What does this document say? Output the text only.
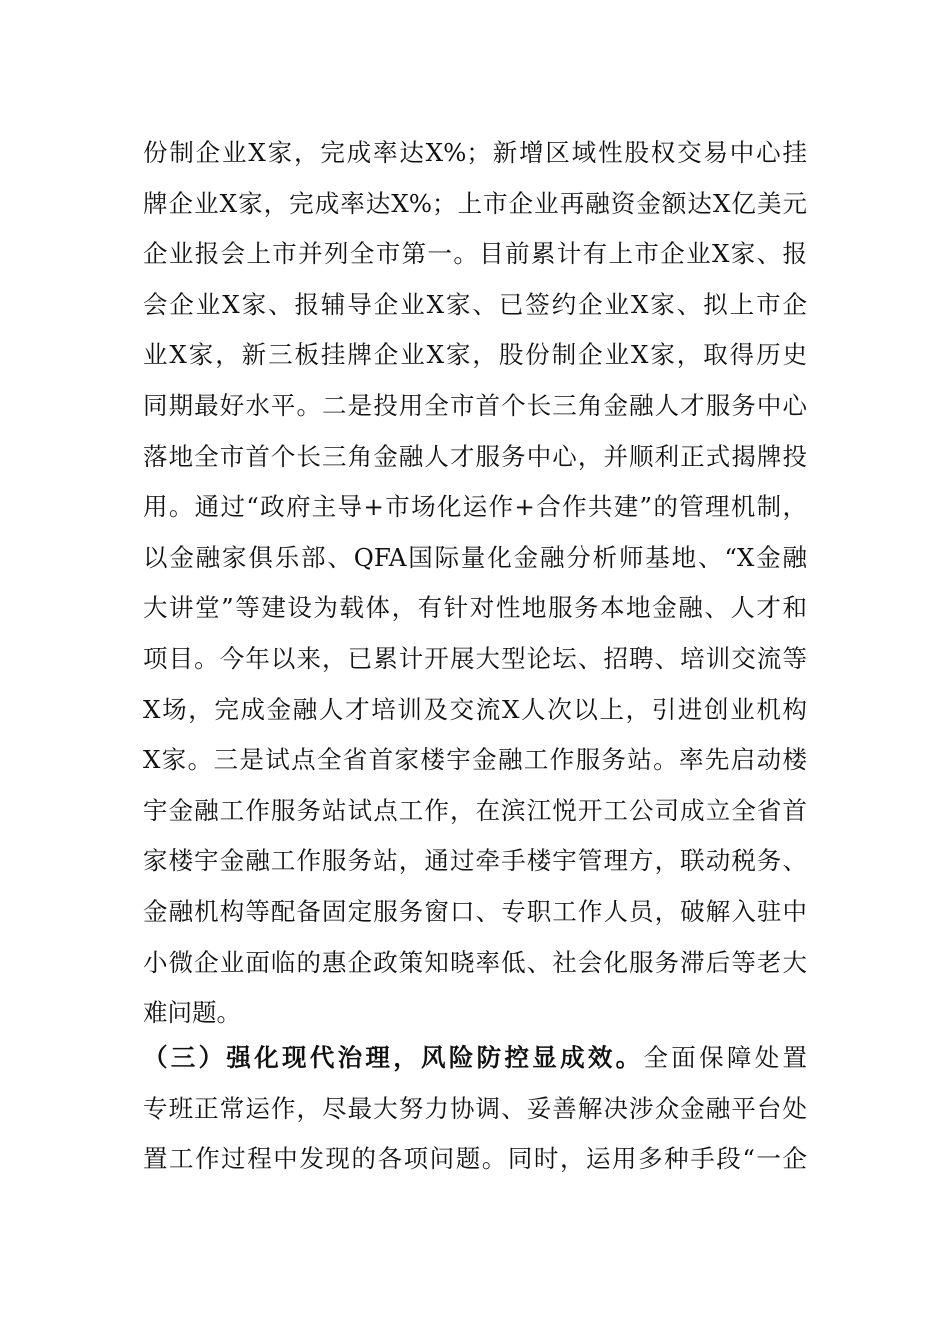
份制企业X家，完成率达X%；新增区域性股权交易中心挂
牌企业X家，完成率达X%；上市企业再融资金额达X亿美元
企业报会上市并列全市第一。目前累计有上市企业X家、报
会企业X家、报辅导企业X家、已签约企业X家、拟上市企
业X家，新三板挂牌企业X家，股份制企业X家，取得历史
同期最好水平。二是投用全市首个长三角金融人才服务中心
落地全市首个长三角金融人才服务中心，并顺利正式揭牌投
用。通过“政府主导+市场化运作+合作共建”的管理机制，
以金融家俱乐部、QFA国际量化金融分析师基地、“X金融
大讲堂”等建设为载体，有针对性地服务本地金融、人才和
项目。今年以来，已累计开展大型论坛、招聘、培训交流等
X场，完成金融人才培训及交流X人次以上，引进创业机构
X家。三是试点全省首家楼宇金融工作服务站。率先启动楼
宇金融工作服务站试点工作，在滨江悦开工公司成立全省首
家楼宇金融工作服务站，通过牵手楼宇管理方，联动税务、
金融机构等配备固定服务窗口、专职工作人员，破解入驻中
小微企业面临的惠企政策知晓率低、社会化服务滞后等老大
难问题。
（三）强化现代治理，风险防控显成效。全面保障处置
专班正常运作，尽最大努力协调、妥善解决涉众金融平台处
置工作过程中发现的各项问题。同时，运用多种手段“一企
